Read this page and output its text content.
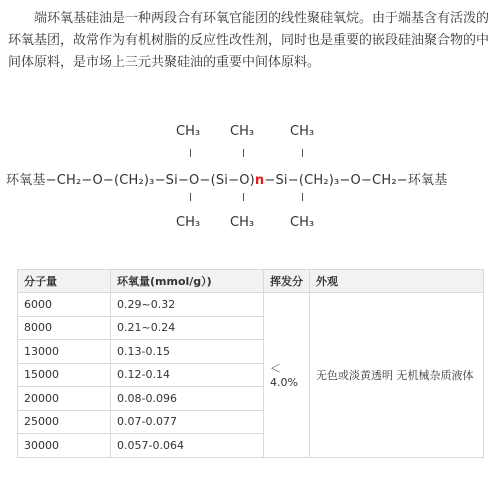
端环氧基硅油是一种两段合有环氧官能团的线性聚硅氧烷。由于端基含有活泼的环氧基团，故常作为有机树脂的反应性改性剂，同时也是重要的嵌段硅油聚合物的中间体原料，是市场上三元共聚硅油的重要中间体原料。

CH₃ CH₃	CH₃
环氧基−CH₂−O−(CH₂)₃−Si−O−(Si−O)n−Si−(CH₂)₃−O−CH₂−环氧基
CH₃ CH₃	CH₃
分子量	环氧量(mmol/g）)	挥发分	外观
6000	0.29~0.32	＜4.0%	无色或淡黄透明 无机械杂质液体
8000	0.21~0.24		
13000	0.13-0.15		
15000	0.12-0.14		
20000	0.08-0.096		
25000	0.07-0.077		
30000	0.057-0.064		
